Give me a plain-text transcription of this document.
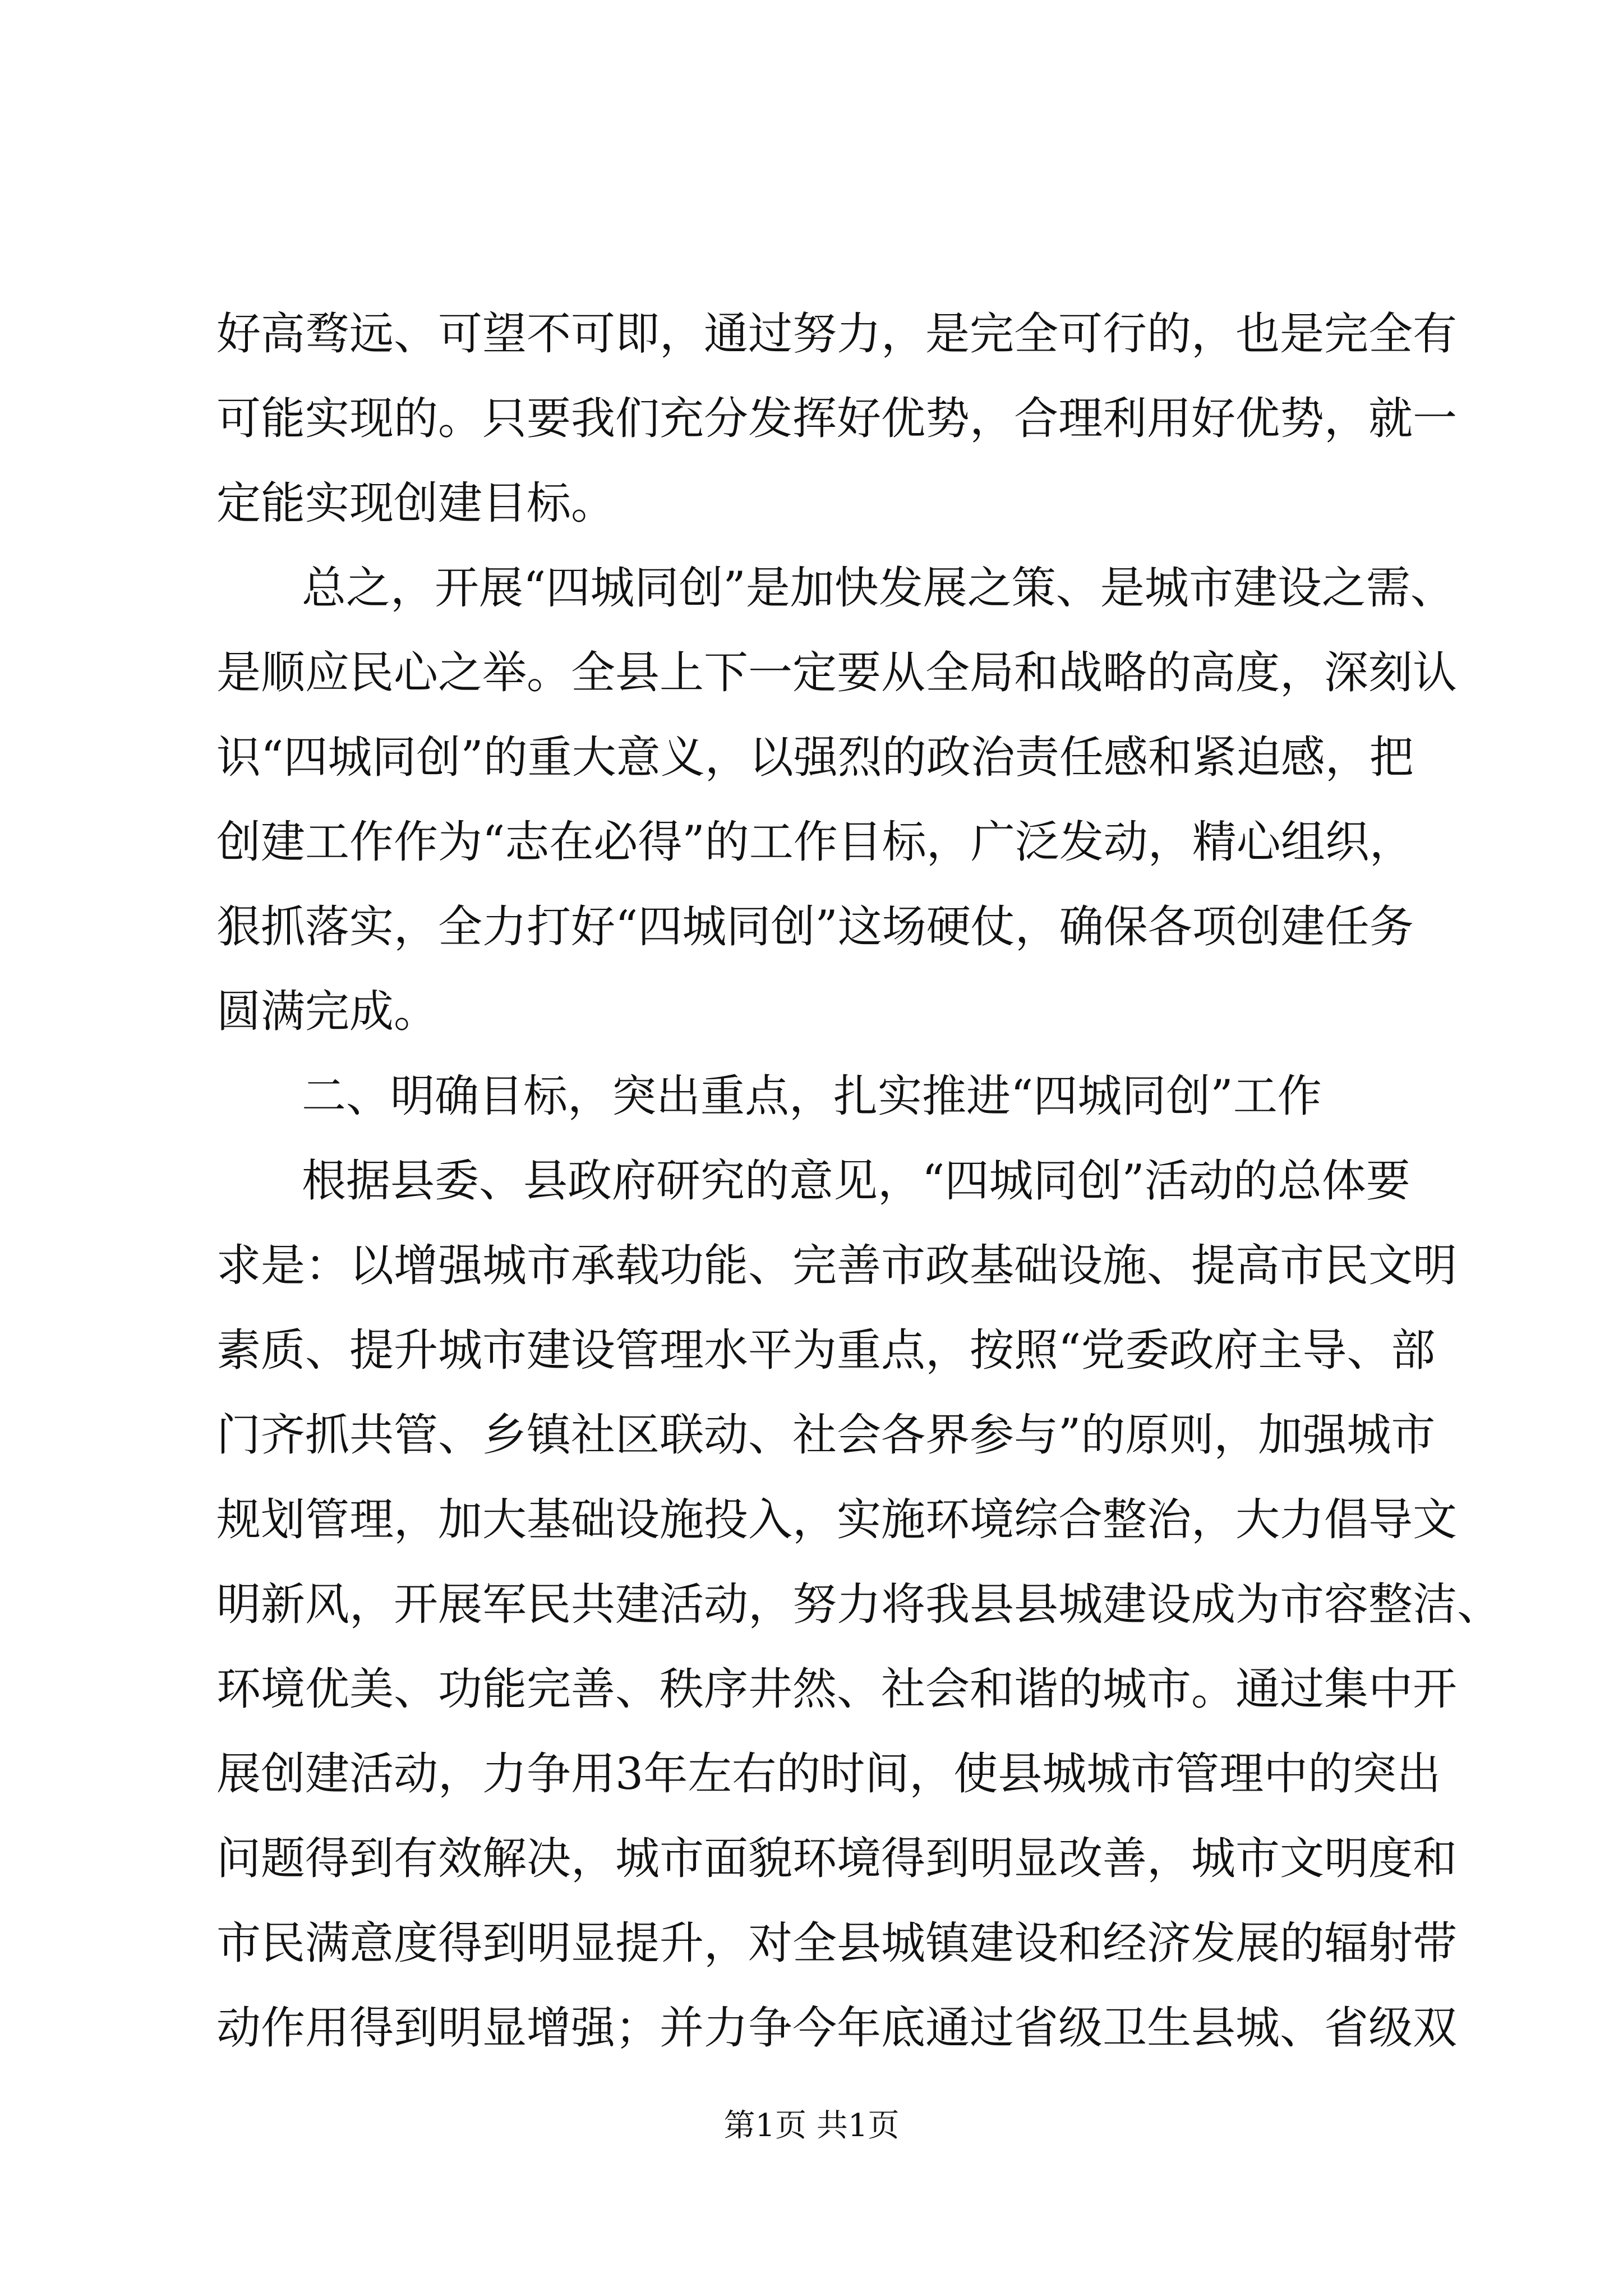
好高骛远、可望不可即，通过努力，是完全可行的，也是完全有
可能实现的。只要我们充分发挥好优势，合理利用好优势，就一
定能实现创建目标。
总之，开展“四城同创”是加快发展之策、是城市建设之需、
是顺应民心之举。全县上下一定要从全局和战略的高度，深刻认
识“四城同创”的重大意义，以强烈的政治责任感和紧迫感，把
创建工作作为“志在必得”的工作目标，广泛发动，精心组织，
狠抓落实，全力打好“四城同创”这场硬仗，确保各项创建任务
圆满完成。
二、明确目标，突出重点，扎实推进“四城同创”工作
根据县委、县政府研究的意见，“四城同创”活动的总体要
求是：以增强城市承载功能、完善市政基础设施、提高市民文明
素质、提升城市建设管理水平为重点，按照“党委政府主导、部
门齐抓共管、乡镇社区联动、社会各界参与”的原则，加强城市
规划管理，加大基础设施投入，实施环境综合整治，大力倡导文
明新风，开展军民共建活动，努力将我县县城建设成为市容整洁、
环境优美、功能完善、秩序井然、社会和谐的城市。通过集中开
展创建活动，力争用3年左右的时间，使县城城市管理中的突出
问题得到有效解决，城市面貌环境得到明显改善，城市文明度和
市民满意度得到明显提升，对全县城镇建设和经济发展的辐射带
动作用得到明显增强；并力争今年底通过省级卫生县城、省级双
第1页 共1页
